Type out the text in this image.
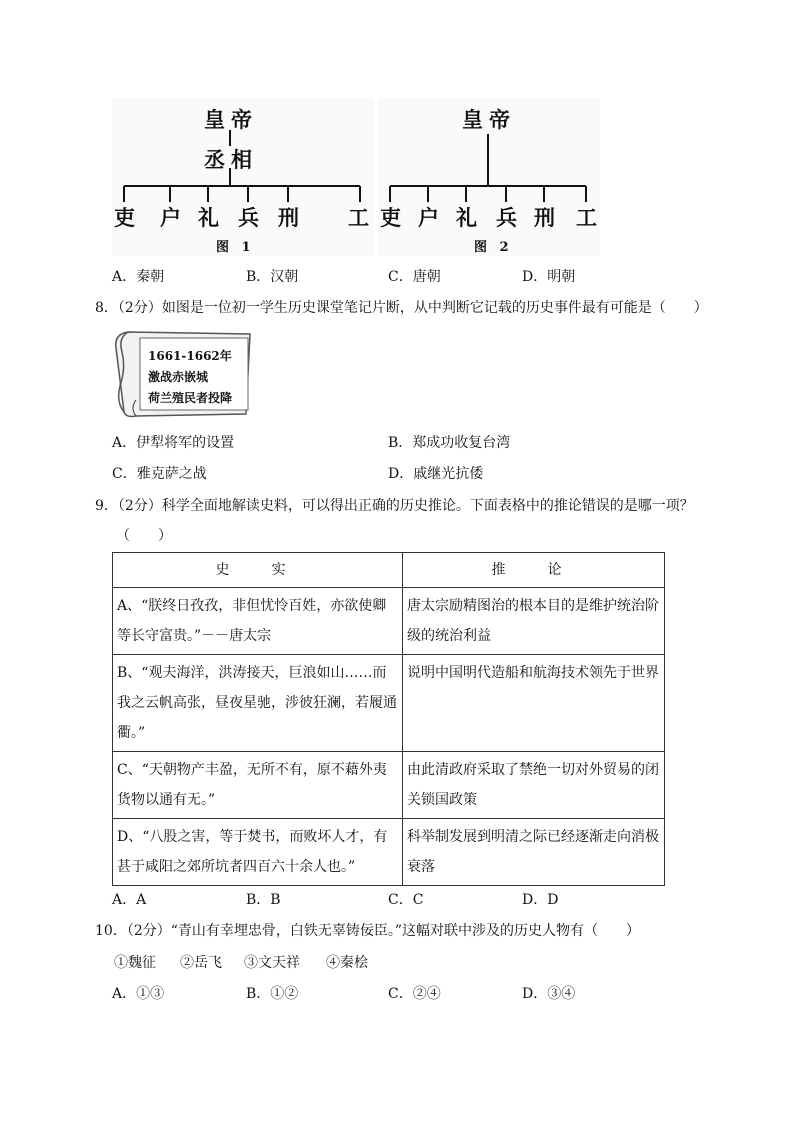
皇帝
丞相
吏 户 礼 兵 刑 工
图 1
皇帝
吏 户 礼 兵 刑 工
图 2
A．秦朝	B．汉朝	C．唐朝	D．明朝
8．（2分）如图是一位初一学生历史课堂笔记片断，从中判断它记载的历史事件最有可能是（　　）
1661-1662年
激战赤嵌城
荷兰殖民者投降
A．伊犁将军的设置	B．郑成功收复台湾
C．雅克萨之战	D．戚继光抗倭
9．（2分）科学全面地解读史料，可以得出正确的历史推论。下面表格中的推论错误的是哪一项？
（　　）
史　实	推　论
A、“朕终日孜孜，非但忧怜百姓，亦欲使卿等长守富贵。”－－唐太宗	唐太宗励精图治的根本目的是维护统治阶级的统治利益
B、“观夫海洋，洪涛接天，巨浪如山……而我之云帆高张，昼夜星驰，涉彼狂澜，若履通衢。”	说明中国明代造船和航海技术领先于世界
C、“天朝物产丰盈，无所不有，原不藉外夷货物以通有无。”	由此清政府采取了禁绝一切对外贸易的闭关锁国政策
D、“八股之害，等于焚书，而败坏人才，有甚于咸阳之郊所坑者四百六十余人也。”	科举制发展到明清之际已经逐渐走向消极衰落
A．A	B．B	C．C	D．D
10．（2分）“青山有幸埋忠骨，白铁无辜铸佞臣。”这幅对联中涉及的历史人物有（　　）
①魏征 ②岳飞 ③文天祥 ④秦桧
A．①③	B．①②	C．②④	D．③④
